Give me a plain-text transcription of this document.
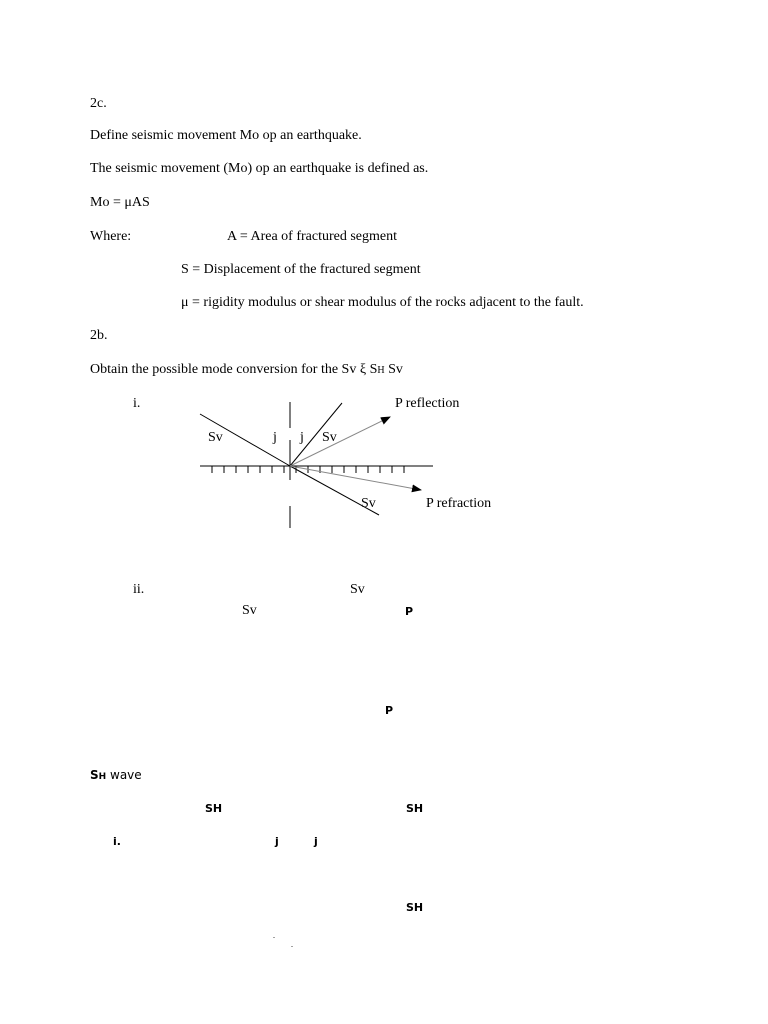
2c.
Define seismic movement Mo op an earthquake.
The seismic movement (Mo) op an earthquake is defined as.
Mo = μAS
Where:	A = Area of fractured segment
S = Displacement of the fractured segment
μ = rigidity modulus or shear modulus of the rocks adjacent to the fault.
2b.
Obtain the possible mode conversion for the Sv ξ SH Sv
i.
Sv	j j Sv
P reflection
Sv	P refraction
ii.	Sv
Sv	P
P
SH wave
SH	SH
i.	j	j
SH
.
.
